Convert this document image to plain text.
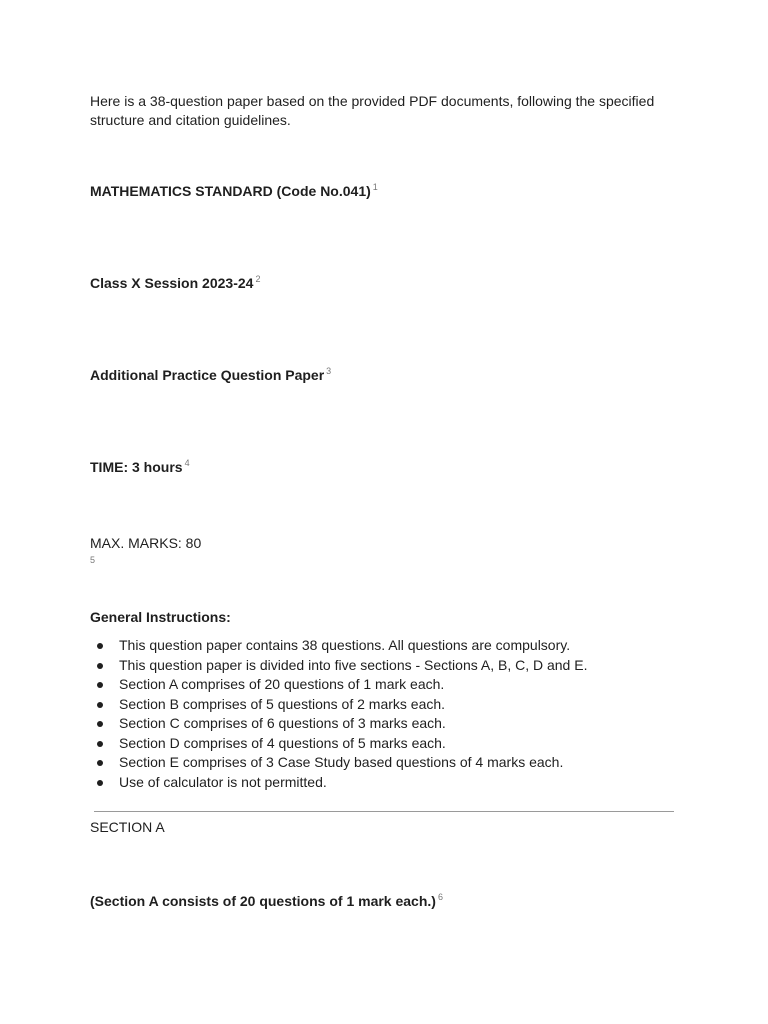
Here is a 38-question paper based on the provided PDF documents, following the specified structure and citation guidelines.
MATHEMATICS STANDARD (Code No.041) $^1$
Class X Session 2023-24 $^2$
Additional Practice Question Paper $^3$
TIME: 3 hours $^4$
MAX. MARKS: 80
5
General Instructions:
This question paper contains 38 questions. All questions are compulsory.
This question paper is divided into five sections - Sections A, B, C, D and E.
Section A comprises of 20 questions of 1 mark each.
Section B comprises of 5 questions of 2 marks each.
Section C comprises of 6 questions of 3 marks each.
Section D comprises of 4 questions of 5 marks each.
Section E comprises of 3 Case Study based questions of 4 marks each.
Use of calculator is not permitted.
SECTION A
(Section A consists of 20 questions of 1 mark each.) $^6$
